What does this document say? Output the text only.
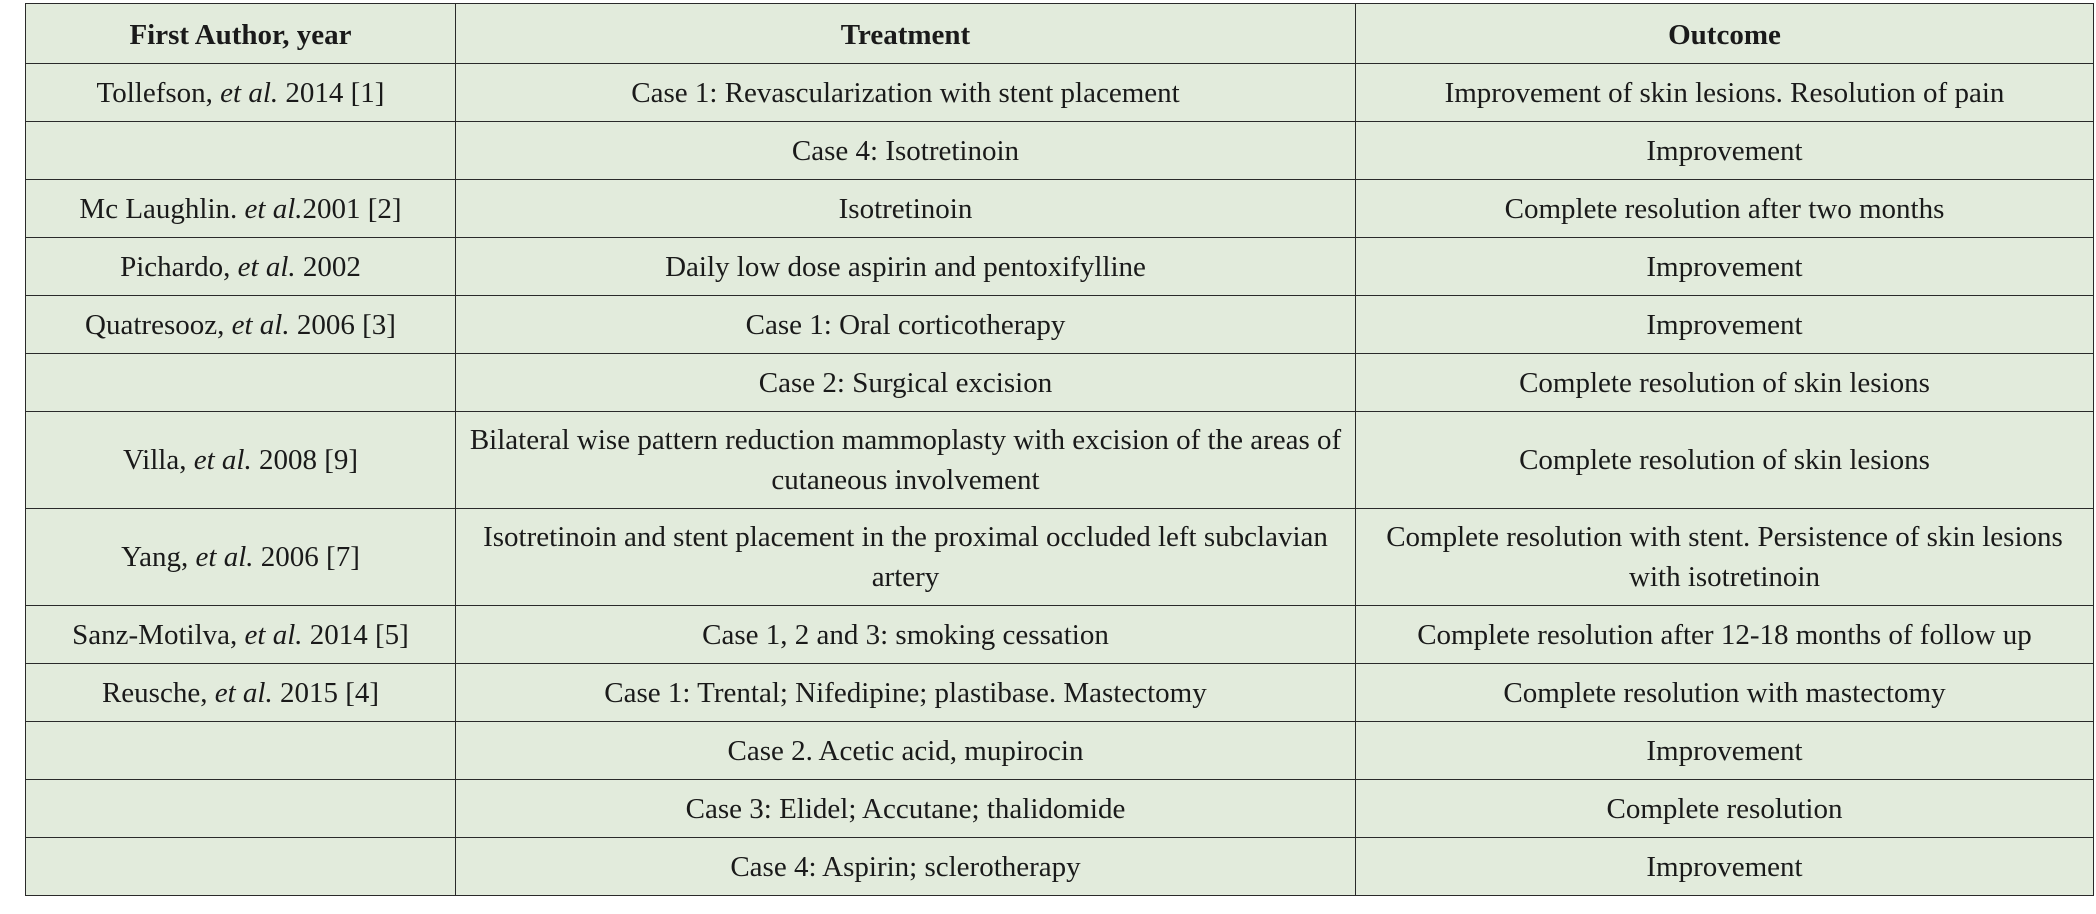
First Author, year	Treatment	Outcome
Tollefson, et al. 2014 [1]	Case 1: Revascularization with stent placement	Improvement of skin lesions. Resolution of pain
	Case 4: Isotretinoin	Improvement
Mc Laughlin. et al.2001 [2]	Isotretinoin	Complete resolution after two months
Pichardo, et al. 2002	Daily low dose aspirin and pentoxifylline	Improvement
Quatresooz, et al. 2006 [3]	Case 1: Oral corticotherapy	Improvement
	Case 2: Surgical excision	Complete resolution of skin lesions
Villa, et al. 2008 [9]	Bilateral wise pattern reduction mammoplasty with excision of the areas of cutaneous involvement	Complete resolution of skin lesions
Yang, et al. 2006 [7]	Isotretinoin and stent placement in the proximal occluded left subclavian artery	Complete resolution with stent. Persistence of skin lesions with isotretinoin
Sanz-Motilva, et al. 2014 [5]	Case 1, 2 and 3: smoking cessation	Complete resolution after 12-18 months of follow up
Reusche, et al. 2015 [4]	Case 1: Trental; Nifedipine; plastibase. Mastectomy	Complete resolution with mastectomy
	Case 2. Acetic acid, mupirocin	Improvement
	Case 3: Elidel; Accutane; thalidomide	Complete resolution
	Case 4: Aspirin; sclerotherapy	Improvement
